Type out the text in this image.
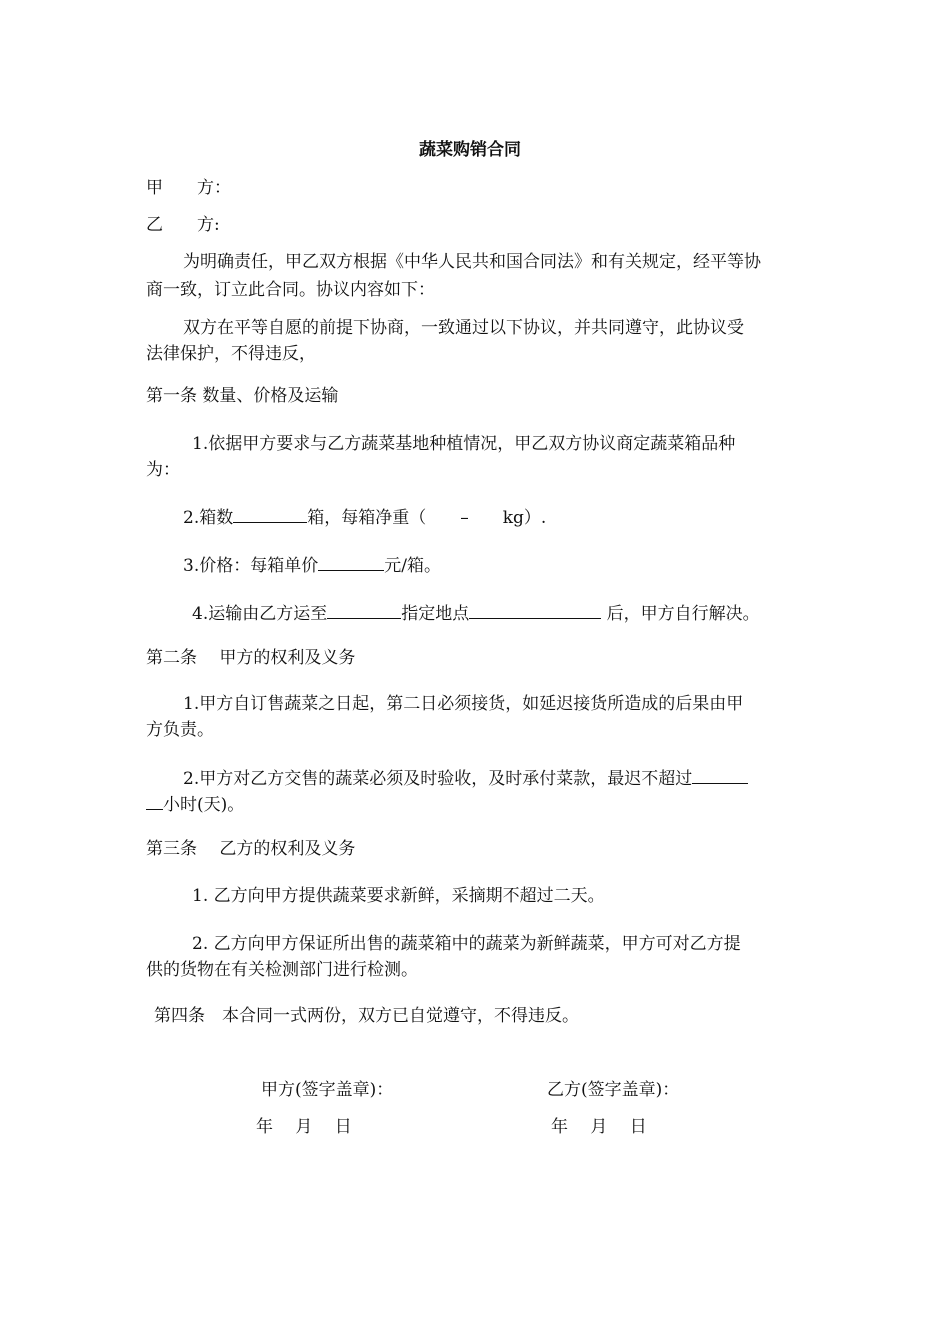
蔬菜购销合同
甲　　方：
乙　　方:
为明确责任，甲乙双方根据《中华人民共和国合同法》和有关规定，经平等协
商一致，订立此合同。协议内容如下：
双方在平等自愿的前提下协商，一致通过以下协议，并共同遵守，此协议受
法律保护，不得违反，
第一条 数量、价格及运输
1.依据甲方要求与乙方蔬菜基地种植情况，甲乙双方协议商定蔬菜箱品种
为：
2.箱数	箱，每箱净重（　　–　　kg）.
3.价格：每箱单价	元/箱。
4.运输由乙方运至	指定地点	后，甲方自行解决。
第二条　 甲方的权利及义务
1.甲方自订售蔬菜之日起，第二日必须接货，如延迟接货所造成的后果由甲
方负责。
2.甲方对乙方交售的蔬菜必须及时验收，及时承付菜款，最迟不超过
小时(天)。
第三条　 乙方的权利及义务
1. 乙方向甲方提供蔬菜要求新鲜，采摘期不超过二天。
2. 乙方向甲方保证所出售的蔬菜箱中的蔬菜为新鲜蔬菜，甲方可对乙方提
供的货物在有关检测部门进行检测。
第四条　本合同一式两份，双方已自觉遵守，不得违反。
甲方(签字盖章)：	乙方(签字盖章)：
年　 月　 日	年　 月　 日
